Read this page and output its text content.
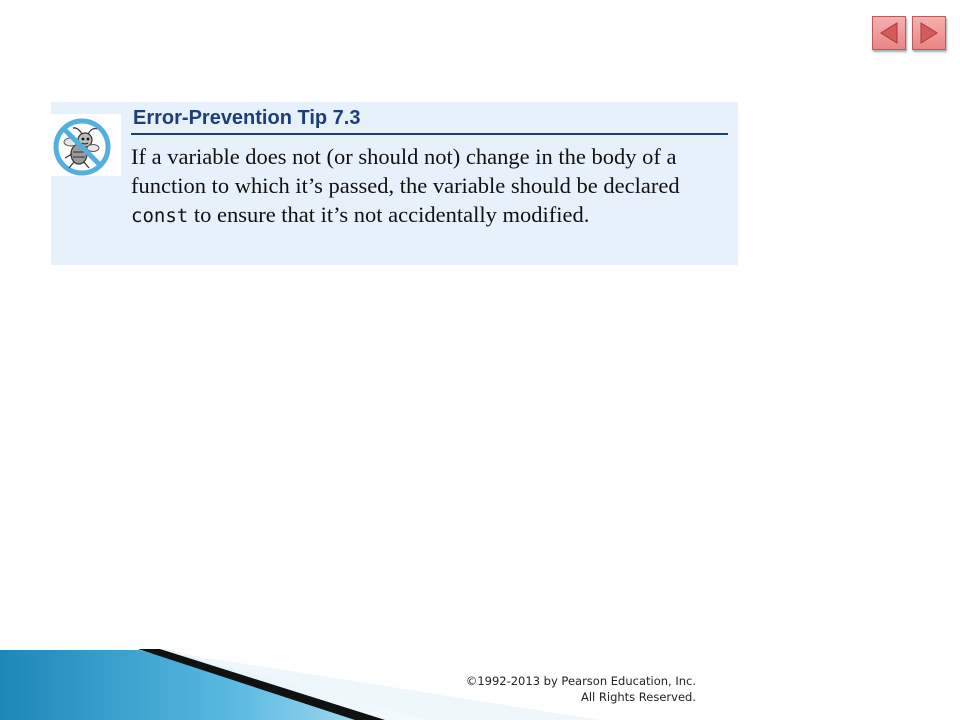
Error-Prevention Tip 7.3
If a variable does not (or should not) change in the body of a function to which it’s passed, the variable should be declared const to ensure that it’s not accidentally modified.
©1992-2013 by Pearson Education, Inc.
All Rights Reserved.
